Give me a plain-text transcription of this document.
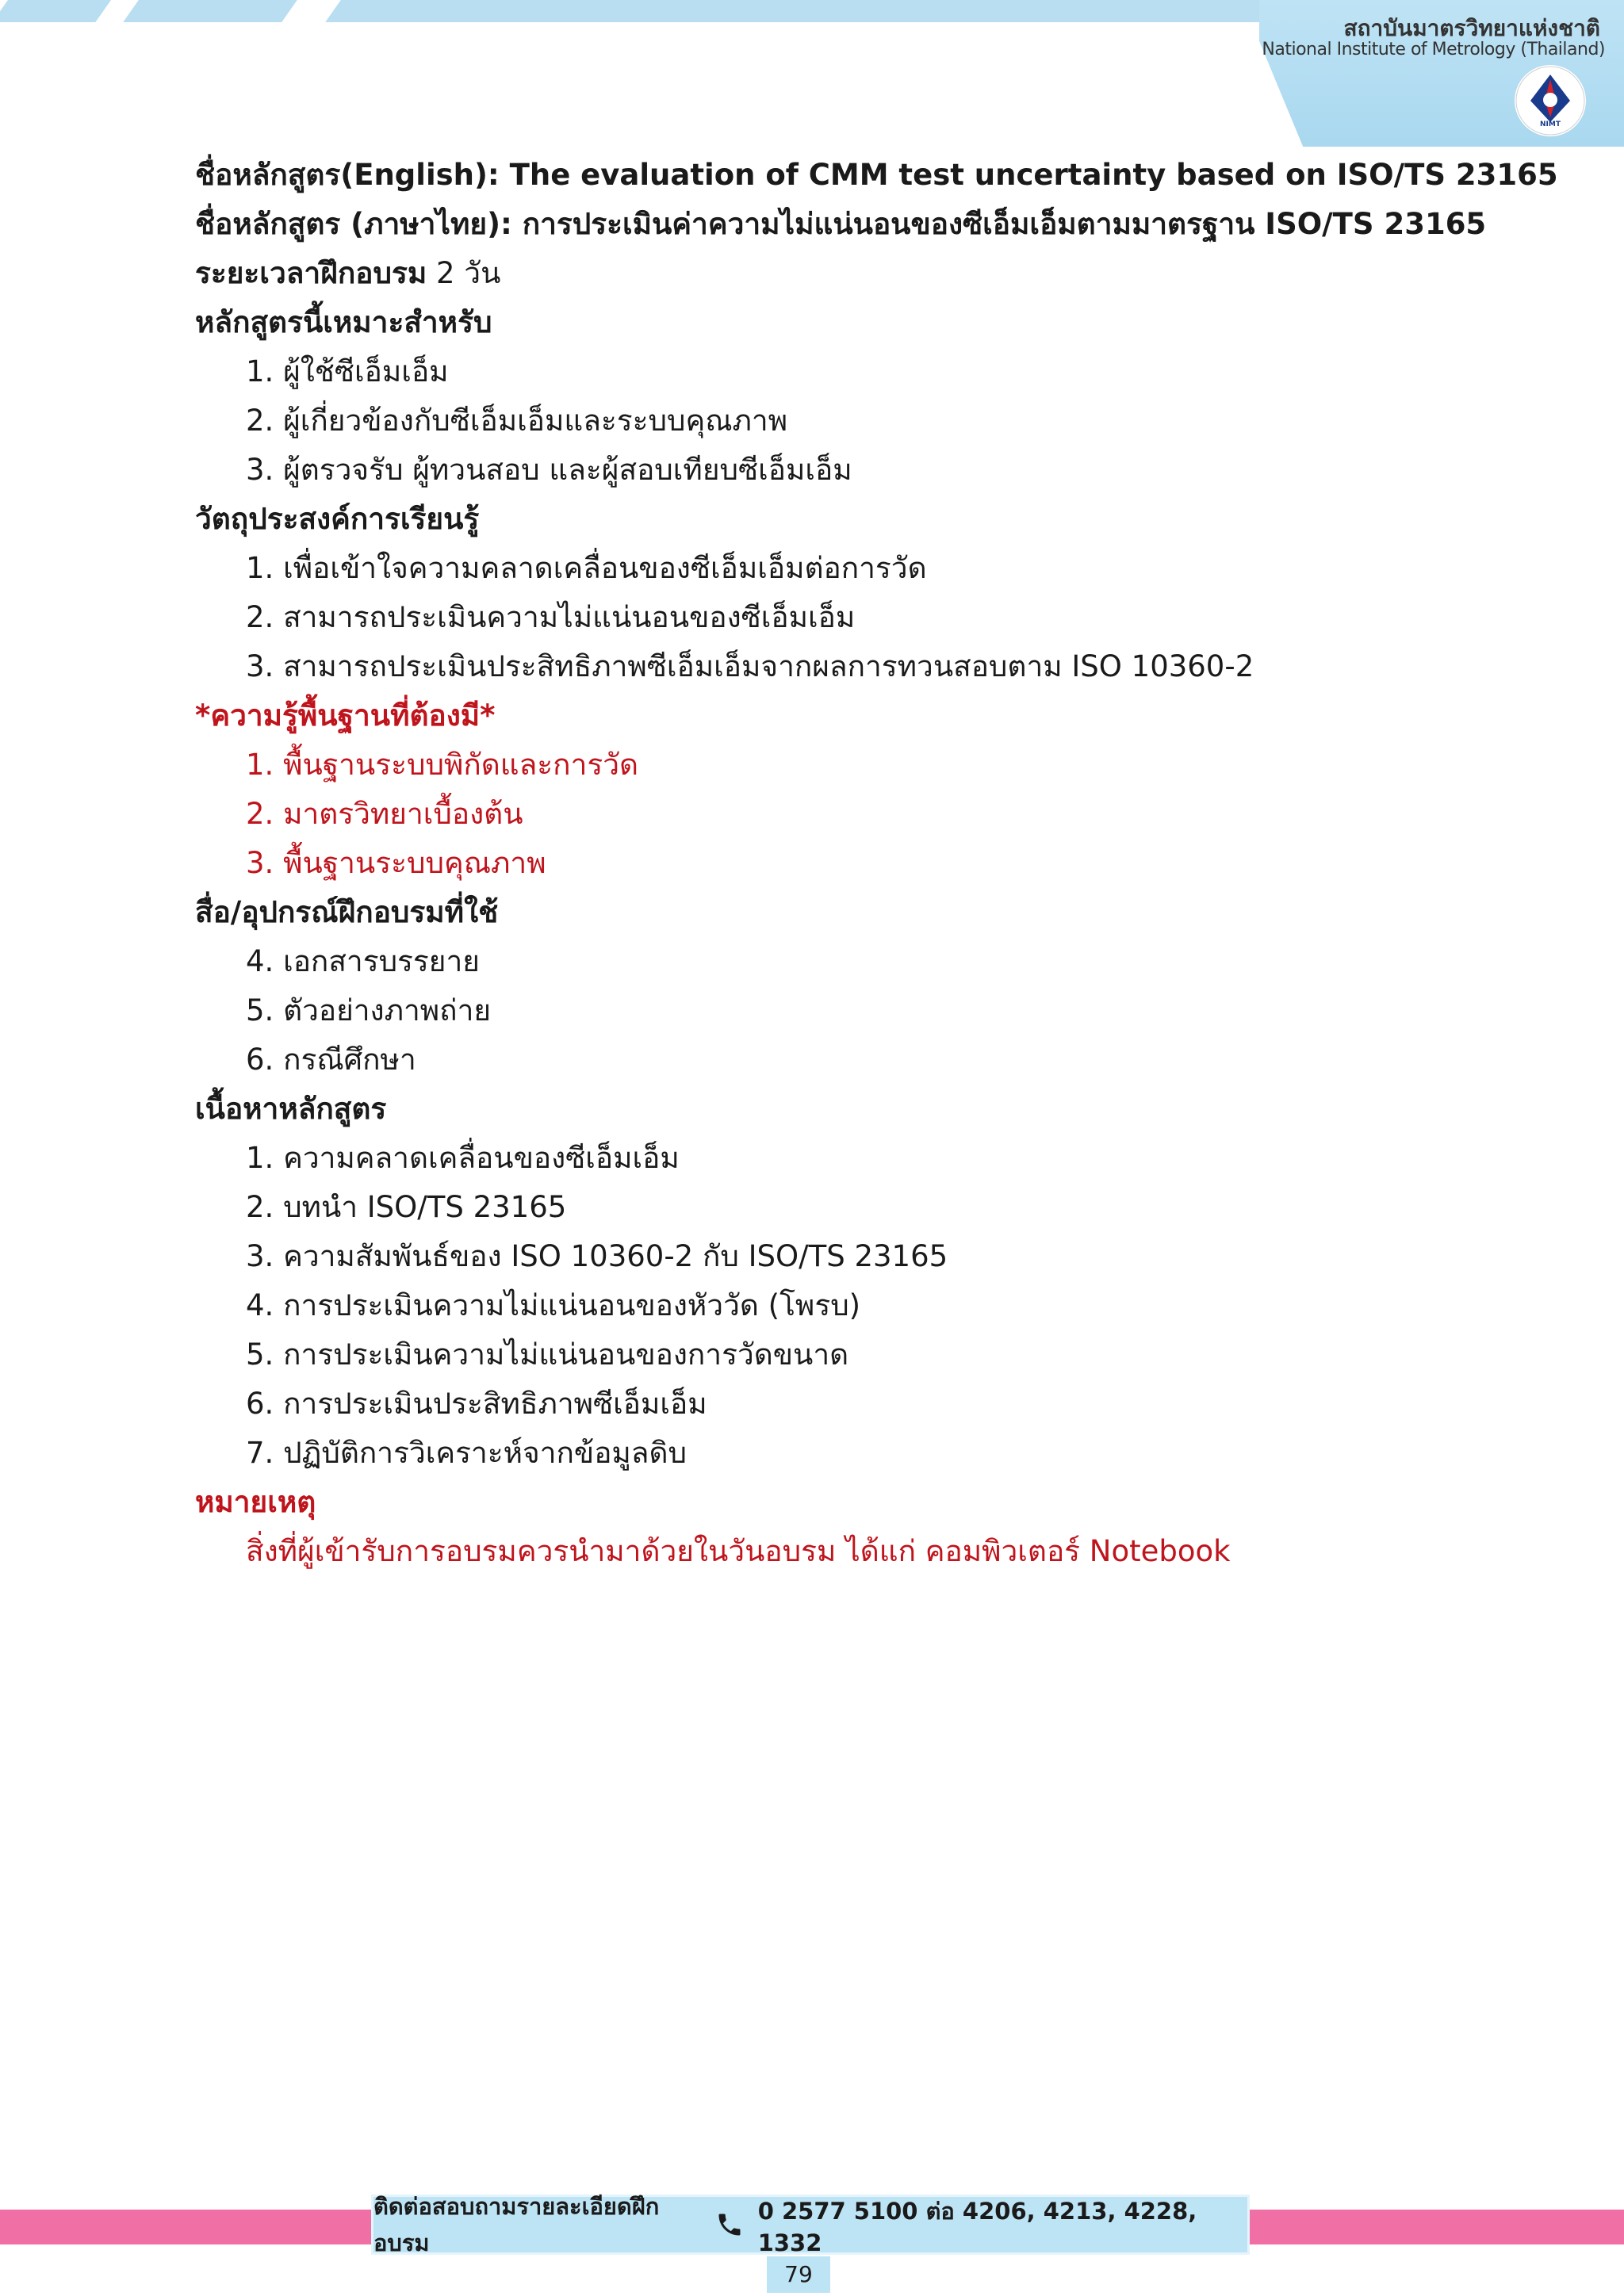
สถาบันมาตรวิทยาแห่งชาติ
National Institute of Metrology (Thailand)
NIMT
ชื่อหลักสูตร(English): The evaluation of CMM test uncertainty based on ISO/TS 23165
ชื่อหลักสูตร (ภาษาไทย): การประเมินค่าความไม่แน่นอนของซีเอ็มเอ็มตามมาตรฐาน ISO/TS 23165
ระยะเวลาฝึกอบรม 2 วัน
หลักสูตรนี้เหมาะสำหรับ
1. ผู้ใช้ซีเอ็มเอ็ม
2. ผู้เกี่ยวข้องกับซีเอ็มเอ็มและระบบคุณภาพ
3. ผู้ตรวจรับ ผู้ทวนสอบ และผู้สอบเทียบซีเอ็มเอ็ม
วัตถุประสงค์การเรียนรู้
1. เพื่อเข้าใจความคลาดเคลื่อนของซีเอ็มเอ็มต่อการวัด
2. สามารถประเมินความไม่แน่นอนของซีเอ็มเอ็ม
3. สามารถประเมินประสิทธิภาพซีเอ็มเอ็มจากผลการทวนสอบตาม ISO 10360-2
*ความรู้พื้นฐานที่ต้องมี*
1. พื้นฐานระบบพิกัดและการวัด
2. มาตรวิทยาเบื้องต้น
3. พื้นฐานระบบคุณภาพ
สื่อ/อุปกรณ์ฝึกอบรมที่ใช้
4. เอกสารบรรยาย
5. ตัวอย่างภาพถ่าย
6. กรณีศึกษา
เนื้อหาหลักสูตร
1. ความคลาดเคลื่อนของซีเอ็มเอ็ม
2. บทนำ ISO/TS 23165
3. ความสัมพันธ์ของ ISO 10360-2 กับ ISO/TS 23165
4. การประเมินความไม่แน่นอนของหัววัด (โพรบ)
5. การประเมินความไม่แน่นอนของการวัดขนาด
6. การประเมินประสิทธิภาพซีเอ็มเอ็ม
7. ปฏิบัติการวิเคราะห์จากข้อมูลดิบ
หมายเหตุ
สิ่งที่ผู้เข้ารับการอบรมควรนำมาด้วยในวันอบรม ได้แก่ คอมพิวเตอร์ Notebook
ติดต่อสอบถามรายละเอียดฝึกอบรม
0 2577 5100 ต่อ 4206, 4213, 4228, 1332
79
